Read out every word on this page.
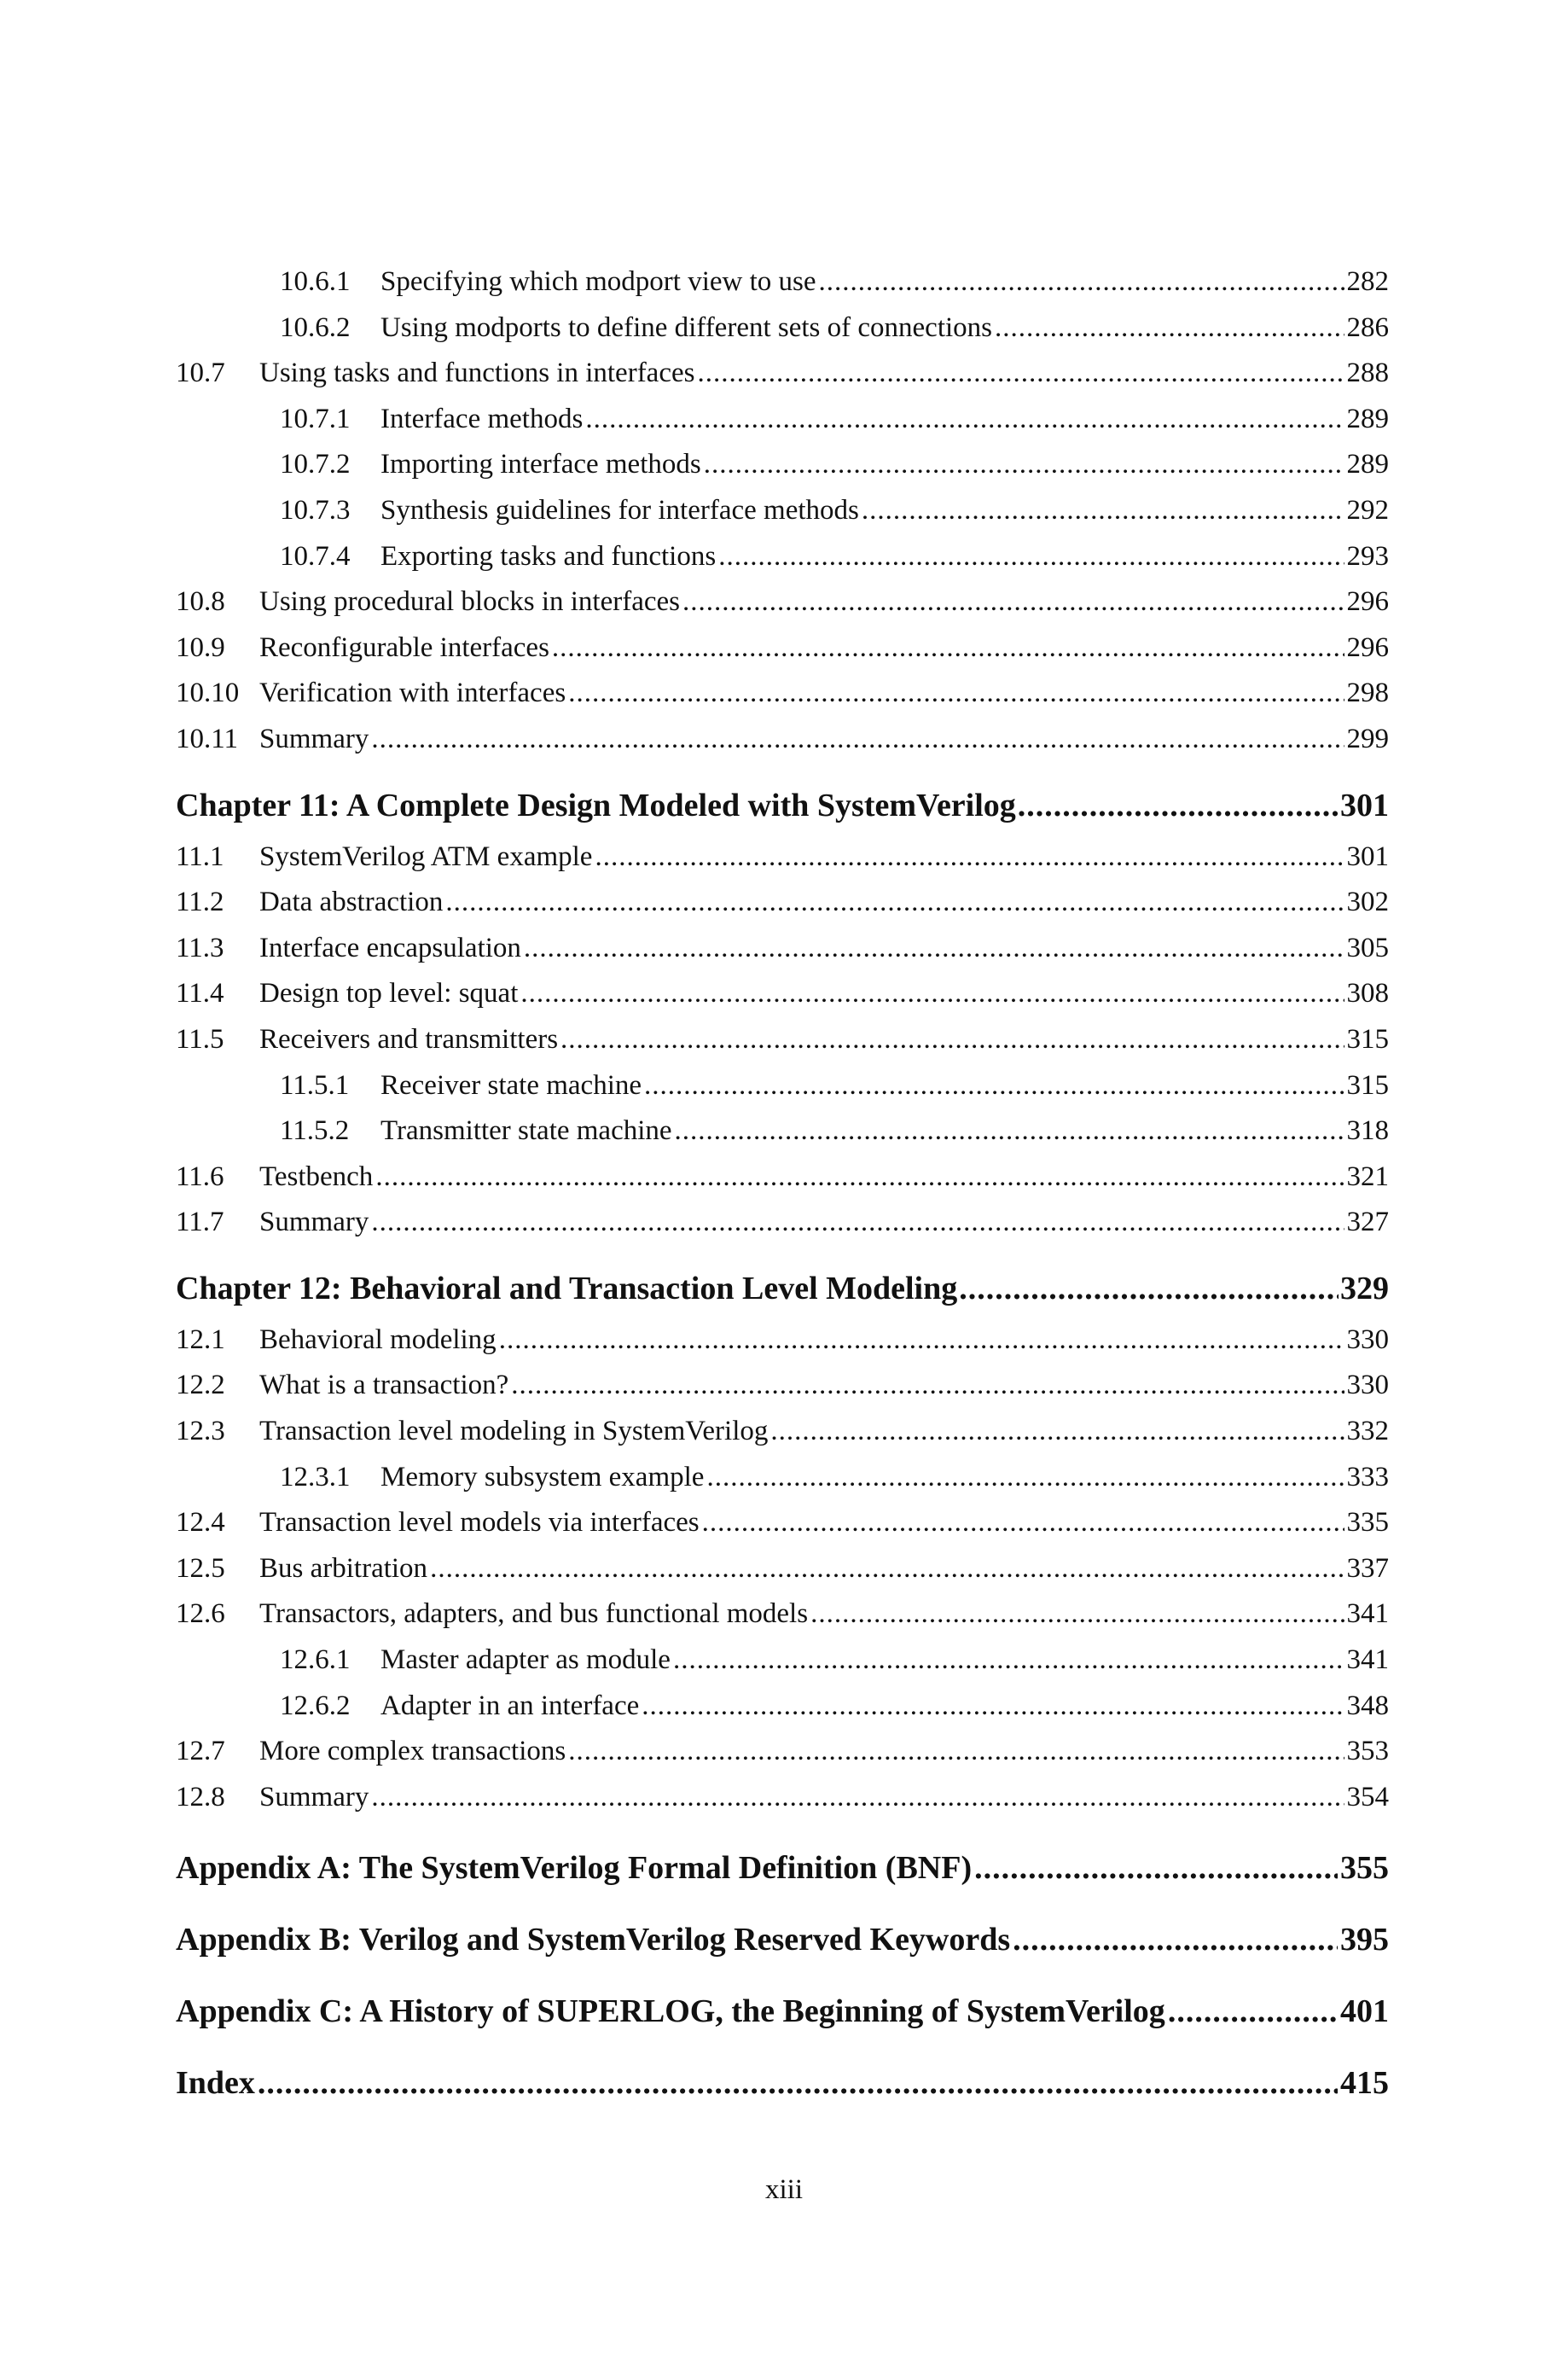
10.6.1	Specifying which modport view to use .....	282
10.6.2	Using modports to define different sets of connections .....	286
10.7	Using tasks and functions in interfaces .....	288
10.7.1	Interface methods .....	289
10.7.2	Importing interface methods .....	289
10.7.3	Synthesis guidelines for interface methods .....	292
10.7.4	Exporting tasks and functions .....	293
10.8	Using procedural blocks in interfaces .....	296
10.9	Reconfigurable interfaces .....	296
10.10 Verification with interfaces .....	298
10.11 Summary .....	299
Chapter 11: A Complete Design Modeled with SystemVerilog .....	301
11.1	SystemVerilog ATM example .....	301
11.2	Data abstraction .....	302
11.3	Interface encapsulation .....	305
11.4	Design top level: squat .....	308
11.5	Receivers and transmitters .....	315
11.5.1	Receiver state machine .....	315
11.5.2	Transmitter state machine .....	318
11.6	Testbench .....	321
11.7	Summary .....	327
Chapter 12: Behavioral and Transaction Level Modeling .....	329
12.1	Behavioral modeling .....	330
12.2	What is a transaction? .....	330
12.3	Transaction level modeling in SystemVerilog .....	332
12.3.1	Memory subsystem example .....	333
12.4	Transaction level models via interfaces .....	335
12.5	Bus arbitration .....	337
12.6	Transactors, adapters, and bus functional models .....	341
12.6.1	Master adapter as module .....	341
12.6.2	Adapter in an interface .....	348
12.7	More complex transactions .....	353
12.8	Summary .....	354
Appendix A: The SystemVerilog Formal Definition (BNF) .....	355
Appendix B: Verilog and SystemVerilog Reserved Keywords .....	395
Appendix C: A History of SUPERLOG, the Beginning of SystemVerilog .....	401
Index .....	415
xiii
